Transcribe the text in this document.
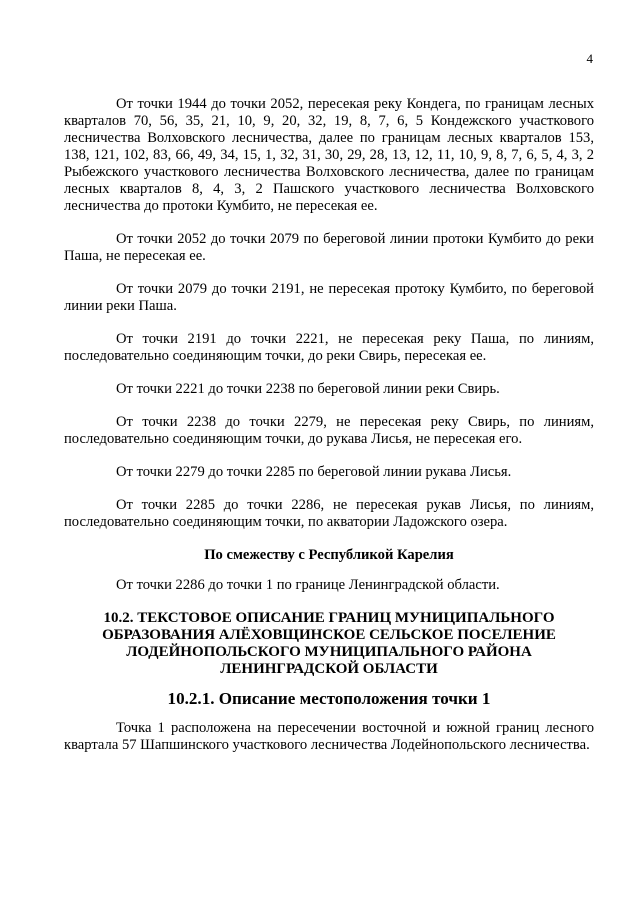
4

От точки 1944 до точки 2052, пересекая реку Кондега, по границам лесных кварталов 70, 56, 35, 21, 10, 9, 20, 32, 19, 8, 7, 6, 5 Кондежского участкового лесничества Волховского лесничества, далее по границам лесных кварталов 153, 138, 121, 102, 83, 66, 49, 34, 15, 1, 32, 31, 30, 29, 28, 13, 12, 11, 10, 9, 8, 7, 6, 5, 4, 3, 2 Рыбежского участкового лесничества Волховского лесничества, далее по границам лесных кварталов 8, 4, 3, 2 Пашского участкового лесничества Волховского лесничества до протоки Кумбито, не пересекая ее.

От точки 2052 до точки 2079 по береговой линии протоки Кумбито до реки Паша, не пересекая ее.

От точки 2079 до точки 2191, не пересекая протоку Кумбито, по береговой линии реки Паша.

От точки 2191 до точки 2221, не пересекая реку Паша, по линиям, последовательно соединяющим точки, до реки Свирь, пересекая ее.

От точки 2221 до точки 2238 по береговой линии реки Свирь.

От точки 2238 до точки 2279, не пересекая реку Свирь, по линиям, последовательно соединяющим точки, до рукава Лисья, не пересекая его.

От точки 2279 до точки 2285 по береговой линии рукава Лисья.

От точки 2285 до точки 2286, не пересекая рукав Лисья, по линиям, последовательно соединяющим точки, по акватории Ладожского озера.

По смежеству с Республикой Карелия

От точки 2286 до точки 1 по границе Ленинградской области.

10.2. ТЕКСТОВОЕ ОПИСАНИЕ ГРАНИЦ МУНИЦИПАЛЬНОГО ОБРАЗОВАНИЯ АЛЁХОВЩИНСКОЕ СЕЛЬСКОЕ ПОСЕЛЕНИЕ ЛОДЕЙНОПОЛЬСКОГО МУНИЦИПАЛЬНОГО РАЙОНА ЛЕНИНГРАДСКОЙ ОБЛАСТИ
10.2.1. Описание местоположения точки 1

Точка 1 расположена на пересечении восточной и южной границ лесного квартала 57 Шапшинского участкового лесничества Лодейнопольского лесничества.
